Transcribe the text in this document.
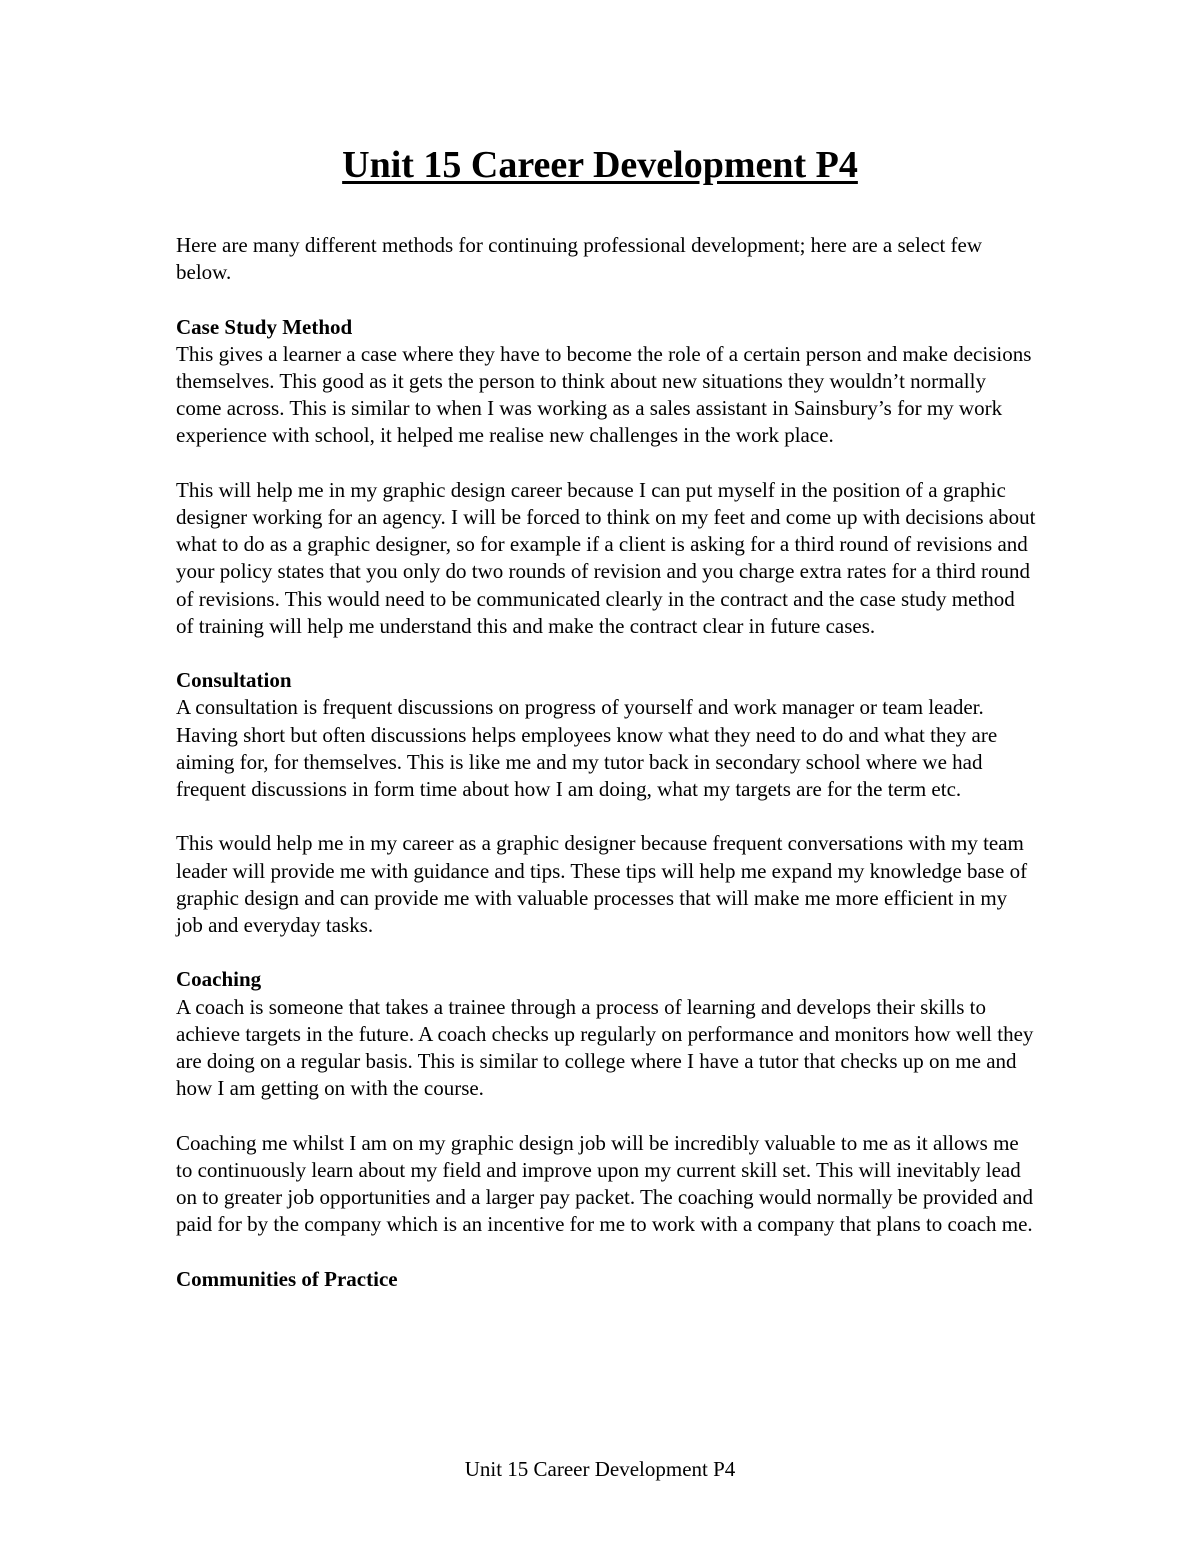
Unit 15 Career Development P4

Here are many different methods for continuing professional development; here are a select few below.

Case Study Method

This gives a learner a case where they have to become the role of a certain person and make decisions themselves. This good as it gets the person to think about new situations they wouldn’t normally come across. This is similar to when I was working as a sales assistant in Sainsbury’s for my work experience with school, it helped me realise new challenges in the work place.

This will help me in my graphic design career because I can put myself in the position of a graphic designer working for an agency. I will be forced to think on my feet and come up with decisions about what to do as a graphic designer, so for example if a client is asking for a third round of revisions and your policy states that you only do two rounds of revision and you charge extra rates for a third round of revisions. This would need to be communicated clearly in the contract and the case study method of training will help me understand this and make the contract clear in future cases.

Consultation

A consultation is frequent discussions on progress of yourself and work manager or team leader. Having short but often discussions helps employees know what they need to do and what they are aiming for, for themselves. This is like me and my tutor back in secondary school where we had frequent discussions in form time about how I am doing, what my targets are for the term etc.

This would help me in my career as a graphic designer because frequent conversations with my team leader will provide me with guidance and tips. These tips will help me expand my knowledge base of graphic design and can provide me with valuable processes that will make me more efficient in my job and everyday tasks.

Coaching

A coach is someone that takes a trainee through a process of learning and develops their skills to achieve targets in the future. A coach checks up regularly on performance and monitors how well they are doing on a regular basis. This is similar to college where I have a tutor that checks up on me and how I am getting on with the course.

Coaching me whilst I am on my graphic design job will be incredibly valuable to me as it allows me to continuously learn about my field and improve upon my current skill set. This will inevitably lead on to greater job opportunities and a larger pay packet. The coaching would normally be provided and paid for by the company which is an incentive for me to work with a company that plans to coach me.

Communities of Practice
Unit 15 Career Development P4
